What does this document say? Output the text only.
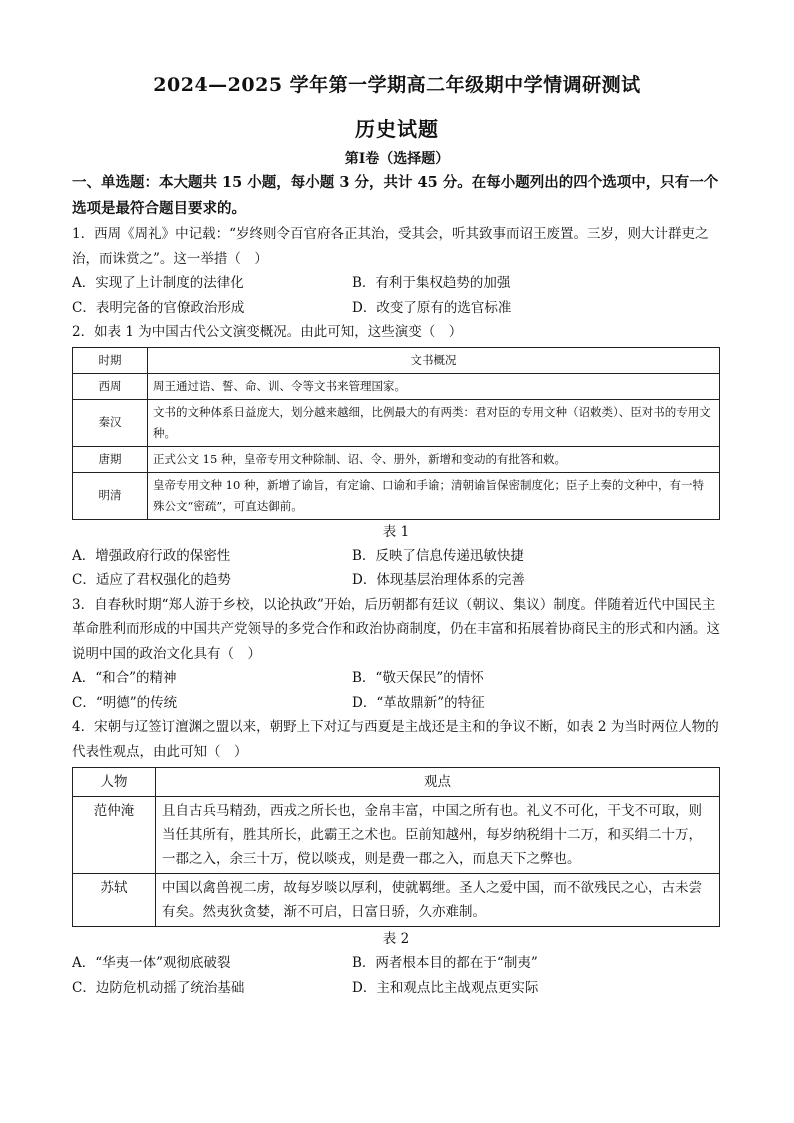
2024—2025 学年第一学期高二年级期中学情调研测试
历史试题
第Ⅰ卷（选择题）

一、单选题：本大题共 15 小题，每小题 3 分，共计 45 分。在每小题列出的四个选项中，只有一个选项是最符合题目要求的。

1．西周《周礼》中记载：“岁终则令百官府各正其治，受其会，听其致事而诏王废置。三岁，则大计群吏之治，而诛赏之”。这一举措（　）

A．实现了上计制度的法律化	B．有利于集权趋势的加强
C．表明完备的官僚政治形成	D．改变了原有的选官标准

2．如表 1 为中国古代公文演变概况。由此可知，这些演变（　）

时期	文书概况
西周	周王通过诰、誓、命、训、令等文书来管理国家。
秦汉	文书的文种体系日益庞大，划分越来越细，比例最大的有两类：君对臣的专用文种（诏敕类）、臣对书的专用文种。
唐期	正式公文 15 种，皇帝专用文种除制、诏、令、册外，新增和变动的有批答和敕。
明清	皇帝专用文种 10 种，新增了谕旨，有定谕、口谕和手谕；清朝谕旨保密制度化；臣子上奏的文种中，有一特殊公文“密疏”，可直达御前。

表 1

A．增强政府行政的保密性	B．反映了信息传递迅敏快捷
C．适应了君权强化的趋势	D．体现基层治理体系的完善

3．自春秋时期“郑人游于乡校，以论执政”开始，后历朝都有廷议（朝议、集议）制度。伴随着近代中国民主革命胜利而形成的中国共产党领导的多党合作和政治协商制度，仍在丰富和拓展着协商民主的形式和内涵。这说明中国的政治文化具有（　）

A．“和合”的精神	B．“敬天保民”的情怀
C．“明德”的传统	D．“革故鼎新”的特征

4．宋朝与辽签订澶渊之盟以来，朝野上下对辽与西夏是主战还是主和的争议不断，如表 2 为当时两位人物的代表性观点，由此可知（　）

人物	观点
范仲淹	且自古兵马精劲，西戎之所长也，金帛丰富，中国之所有也。礼义不可化，干戈不可取，则当任其所有，胜其所长，此霸王之术也。臣前知越州，每岁纳税绢十二万，和买绢二十万，一郡之入，余三十万，傥以啖戎，则是费一郡之入，而息天下之弊也。
苏轼	中国以禽兽视二虏，故每岁啖以厚利，使就羁绁。圣人之爱中国，而不欲残民之心，古未尝有矣。然夷狄贪婪，渐不可启，日富日骄，久亦难制。

表 2

A．“华夷一体”观彻底破裂	B．两者根本目的都在于“制夷”
C．边防危机动摇了统治基础	D．主和观点比主战观点更实际
